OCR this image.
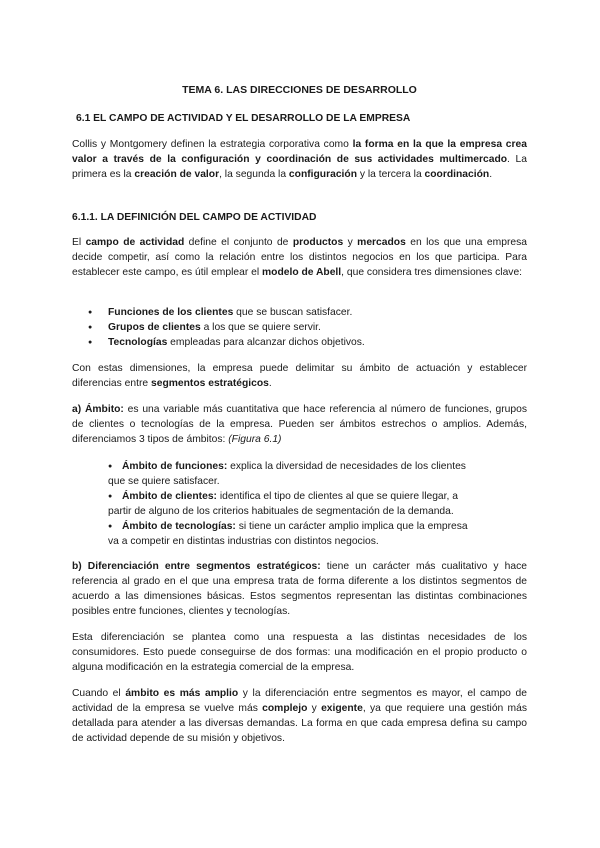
TEMA 6. LAS DIRECCIONES DE DESARROLLO

6.1 EL CAMPO DE ACTIVIDAD Y EL DESARROLLO DE LA EMPRESA

Collis y Montgomery definen la estrategia corporativa como la forma en la que la empresa crea valor a través de la configuración y coordinación de sus actividades multimercado. La primera es la creación de valor, la segunda la configuración y la tercera la coordinación.

6.1.1. LA DEFINICIÓN DEL CAMPO DE ACTIVIDAD

El campo de actividad define el conjunto de productos y mercados en los que una empresa decide competir, así como la relación entre los distintos negocios en los que participa. Para establecer este campo, es útil emplear el modelo de Abell, que considera tres dimensiones clave:

● Funciones de los clientes que se buscan satisfacer.
● Grupos de clientes a los que se quiere servir.
● Tecnologías empleadas para alcanzar dichos objetivos.

Con estas dimensiones, la empresa puede delimitar su ámbito de actuación y establecer diferencias entre segmentos estratégicos.

a) Ámbito: es una variable más cuantitativa que hace referencia al número de funciones, grupos de clientes o tecnologías de la empresa. Pueden ser ámbitos estrechos o amplios. Además, diferenciamos 3 tipos de ámbitos: (Figura 6.1)

● Ámbito de funciones: explica la diversidad de necesidades de los clientes
que se quiere satisfacer.
● Ámbito de clientes: identifica el tipo de clientes al que se quiere llegar, a
partir de alguno de los criterios habituales de segmentación de la demanda.
● Ámbito de tecnologías: si tiene un carácter amplio implica que la empresa
va a competir en distintas industrias con distintos negocios.

b) Diferenciación entre segmentos estratégicos: tiene un carácter más cualitativo y hace referencia al grado en el que una empresa trata de forma diferente a los distintos segmentos de acuerdo a las dimensiones básicas. Estos segmentos representan las distintas combinaciones posibles entre funciones, clientes y tecnologías.

Esta diferenciación se plantea como una respuesta a las distintas necesidades de los consumidores. Esto puede conseguirse de dos formas: una modificación en el propio producto o alguna modificación en la estrategia comercial de la empresa.

Cuando el ámbito es más amplio y la diferenciación entre segmentos es mayor, el campo de actividad de la empresa se vuelve más complejo y exigente, ya que requiere una gestión más detallada para atender a las diversas demandas. La forma en que cada empresa defina su campo de actividad depende de su misión y objetivos.
